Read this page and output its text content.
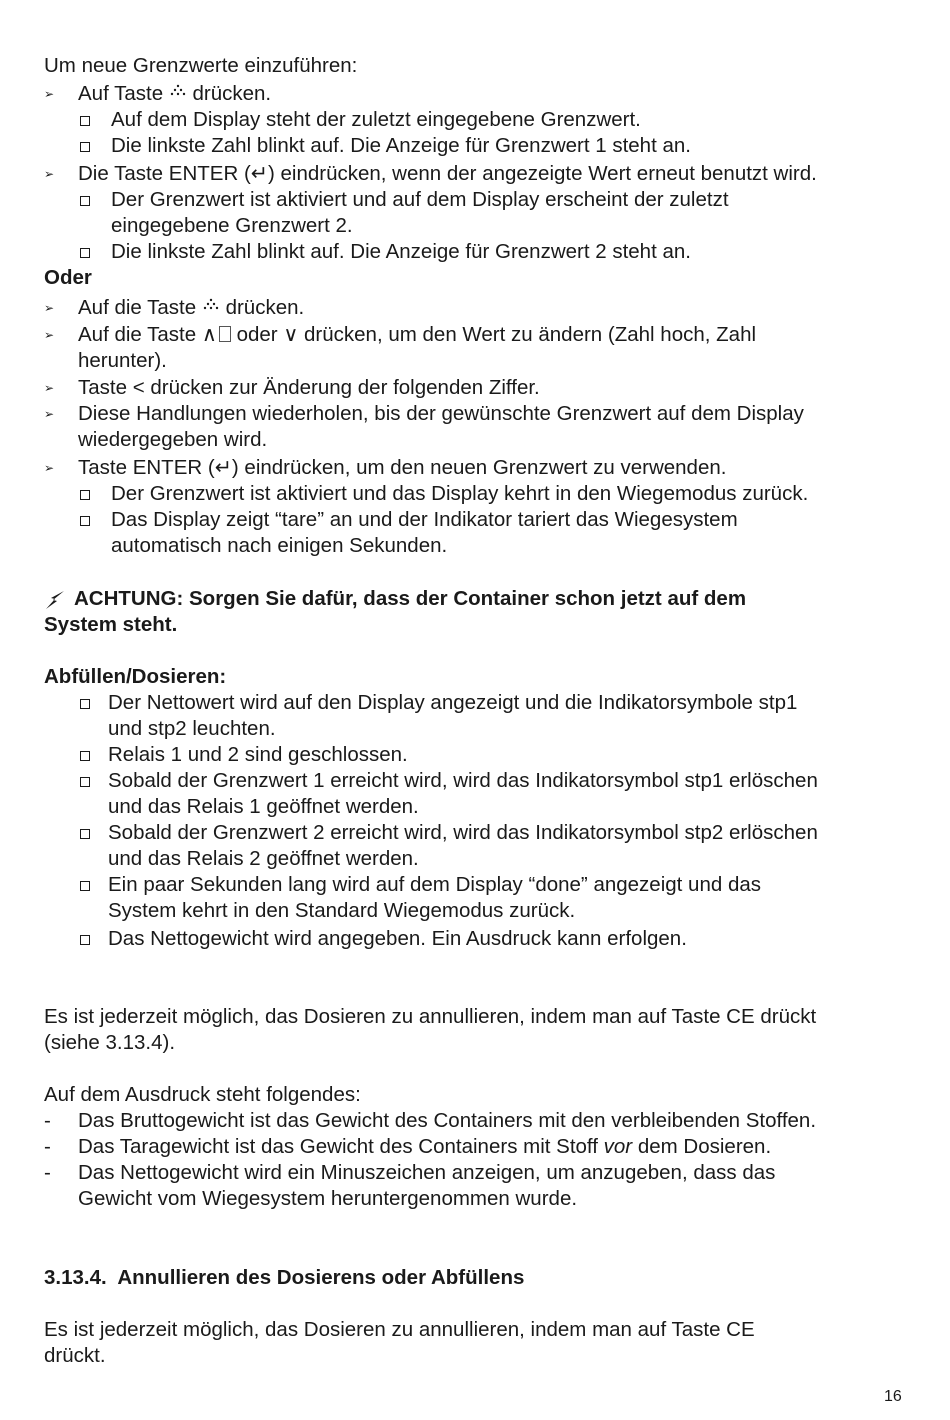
Um neue Grenzwerte einzuführen:
➢ Auf Taste drücken.
Auf dem Display steht der zuletzt eingegebene Grenzwert.
Die linkste Zahl blinkt auf. Die Anzeige für Grenzwert 1 steht an.
➢ Die Taste ENTER (↵) eindrücken, wenn der angezeigte Wert erneut benutzt wird.
Der Grenzwert ist aktiviert und auf dem Display erscheint der zuletzt
eingegebene Grenzwert 2.
Die linkste Zahl blinkt auf. Die Anzeige für Grenzwert 2 steht an.
Oder
➢ Auf die Taste drücken.
➢ Auf die Taste ∧ oder ∨ drücken, um den Wert zu ändern (Zahl hoch, Zahl
herunter).
➢ Taste < drücken zur Änderung der folgenden Ziffer.
➢ Diese Handlungen wiederholen, bis der gewünschte Grenzwert auf dem Display
wiedergegeben wird.
➢ Taste ENTER (↵) eindrücken, um den neuen Grenzwert zu verwenden.
Der Grenzwert ist aktiviert und das Display kehrt in den Wiegemodus zurück.
Das Display zeigt “tare” an und der Indikator tariert das Wiegesystem
automatisch nach einigen Sekunden.
ACHTUNG: Sorgen Sie dafür, dass der Container schon jetzt auf dem
System steht.
Abfüllen/Dosieren:
Der Nettowert wird auf den Display angezeigt und die Indikatorsymbole stp1
und stp2 leuchten.
Relais 1 und 2 sind geschlossen.
Sobald der Grenzwert 1 erreicht wird, wird das Indikatorsymbol stp1 erlöschen
und das Relais 1 geöffnet werden.
Sobald der Grenzwert 2 erreicht wird, wird das Indikatorsymbol stp2 erlöschen
und das Relais 2 geöffnet werden.
Ein paar Sekunden lang wird auf dem Display “done” angezeigt und das
System kehrt in den Standard Wiegemodus zurück.
Das Nettogewicht wird angegeben. Ein Ausdruck kann erfolgen.
Es ist jederzeit möglich, das Dosieren zu annullieren, indem man auf Taste CE drückt
(siehe 3.13.4).
Auf dem Ausdruck steht folgendes:
- Das Bruttogewicht ist das Gewicht des Containers mit den verbleibenden Stoffen.
- Das Taragewicht ist das Gewicht des Containers mit Stoff vor dem Dosieren.
- Das Nettogewicht wird ein Minuszeichen anzeigen, um anzugeben, dass das
Gewicht vom Wiegesystem heruntergenommen wurde.
3.13.4.  Annullieren des Dosierens oder Abfüllens
Es ist jederzeit möglich, das Dosieren zu annullieren, indem man auf Taste CE
drückt.
16
